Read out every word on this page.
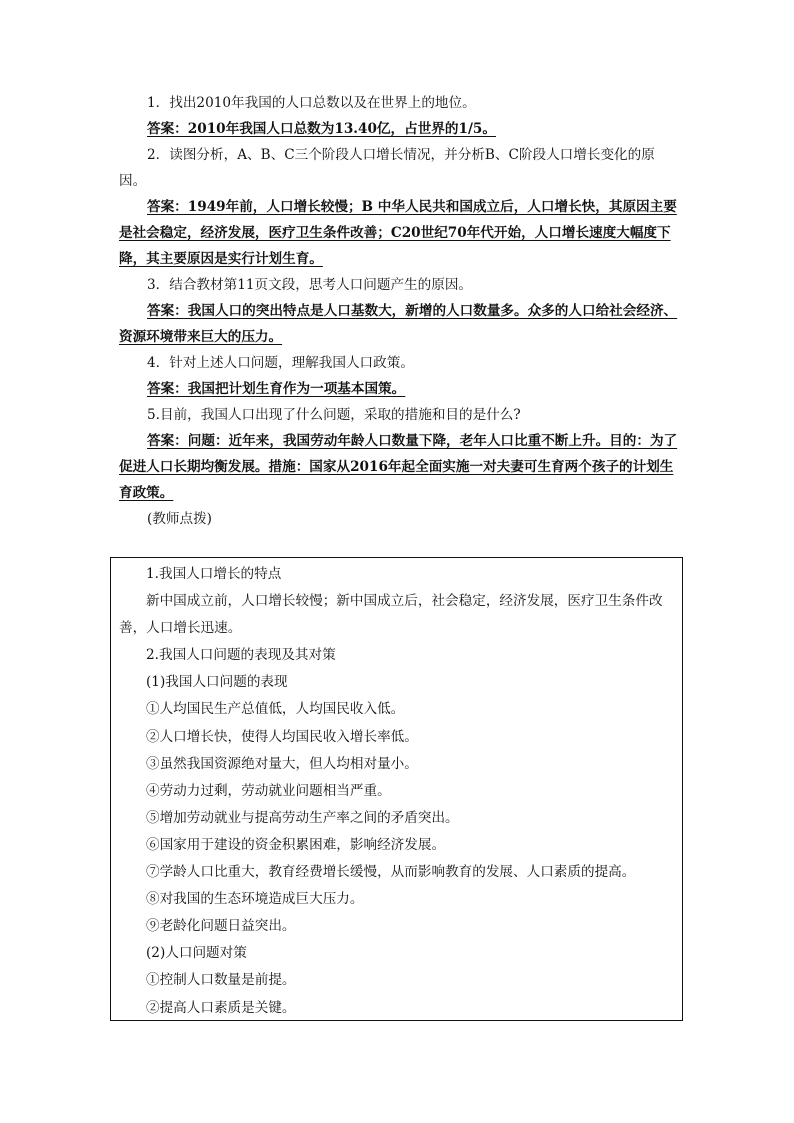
1．找出2010年我国的人口总数以及在世界上的地位。

答案：2010年我国人口总数为13.40亿，占世界的1/5。

2．读图分析，A、B、C三个阶段人口增长情况，并分析B、C阶段人口增长变化的原因。

答案：1949年前，人口增长较慢；B 中华人民共和国成立后，人口增长快，其原因主要是社会稳定，经济发展，医疗卫生条件改善；C20世纪70年代开始，人口增长速度大幅度下降，其主要原因是实行计划生育。

3．结合教材第11页文段，思考人口问题产生的原因。

答案：我国人口的突出特点是人口基数大，新增的人口数量多。众多的人口给社会经济、资源环境带来巨大的压力。

4．针对上述人口问题，理解我国人口政策。

答案：我国把计划生育作为一项基本国策。

5.目前，我国人口出现了什么问题，采取的措施和目的是什么?

答案：问题：近年来，我国劳动年龄人口数量下降，老年人口比重不断上升。目的：为了促进人口长期均衡发展。措施：国家从2016年起全面实施一对夫妻可生育两个孩子的计划生育政策。

(教师点拨)

1.我国人口增长的特点

新中国成立前，人口增长较慢；新中国成立后，社会稳定，经济发展，医疗卫生条件改善，人口增长迅速。

2.我国人口问题的表现及其对策

(1)我国人口问题的表现

①人均国民生产总值低，人均国民收入低。

②人口增长快，使得人均国民收入增长率低。

③虽然我国资源绝对量大，但人均相对量小。

④劳动力过剩，劳动就业问题相当严重。

⑤增加劳动就业与提高劳动生产率之间的矛盾突出。

⑥国家用于建设的资金积累困难，影响经济发展。

⑦学龄人口比重大，教育经费增长缓慢，从而影响教育的发展、人口素质的提高。

⑧对我国的生态环境造成巨大压力。

⑨老龄化问题日益突出。

(2)人口问题对策

①控制人口数量是前提。

②提高人口素质是关键。
